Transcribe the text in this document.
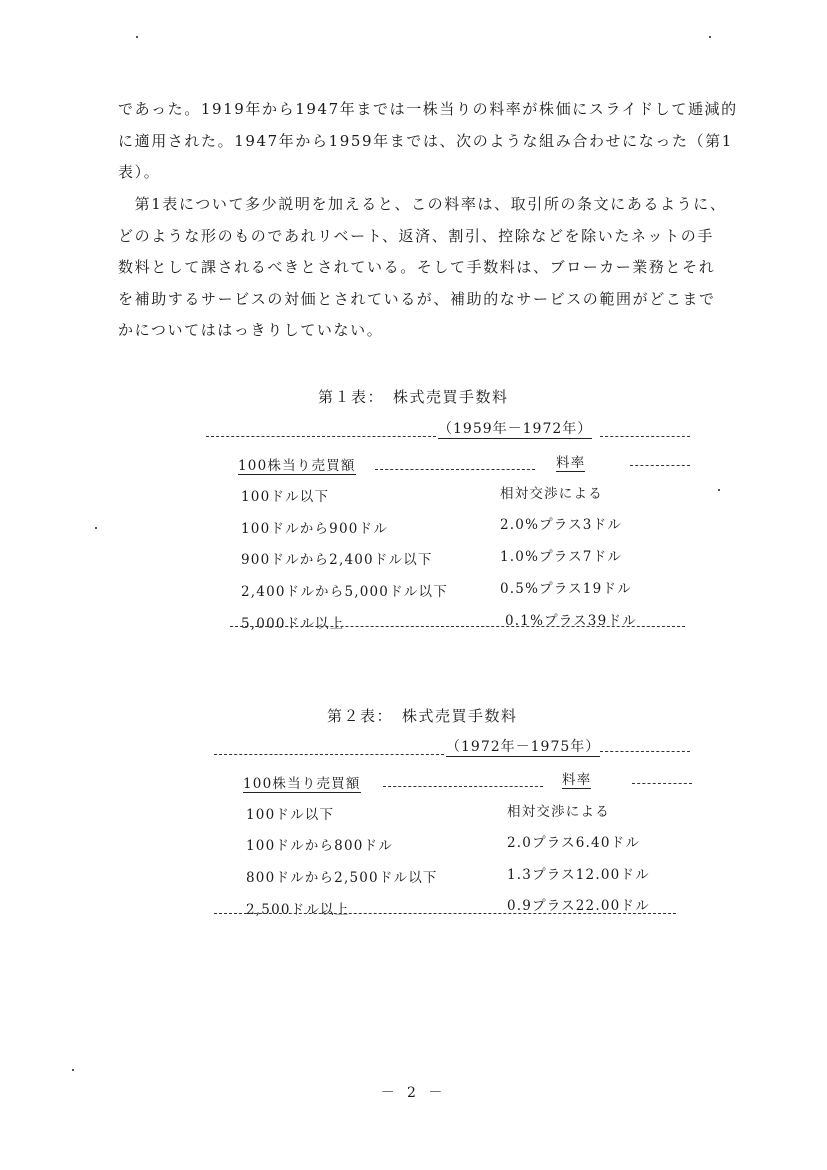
であった。1919年から1947年までは一株当りの料率が株価にスライドして逓減的
に適用された。1947年から1959年までは、次のような組み合わせになった（第1
表）。
　第1表について多少説明を加えると、この料率は、取引所の条文にあるように、
どのような形のものであれリベート、返済、割引、控除などを除いたネットの手
数料として課されるべきとされている。そして手数料は、ブローカー業務とそれ
を補助するサービスの対価とされているが、補助的なサービスの範囲がどこまで
かについてははっきりしていない。
第１表：　株式売買手数料
（1959年－1972年）
100株当り売買額	料率
100ドル以下	相対交渉による
100ドルから900ドル	2.0%プラス3ドル
900ドルから2,400ドル以下	1.0%プラス7ドル
2,400ドルから5,000ドル以下	0.5%プラス19ドル
5,000ドル以上	0.1%プラス39ドル
第２表：　株式売買手数料
（1972年－1975年）
100株当り売買額	料率
100ドル以下	相対交渉による
100ドルから800ドル	2.0プラス6.40ドル
800ドルから2,500ドル以下	1.3プラス12.00ドル
2,500ドル以上	0.9プラス22.00ドル
－ 2 －
